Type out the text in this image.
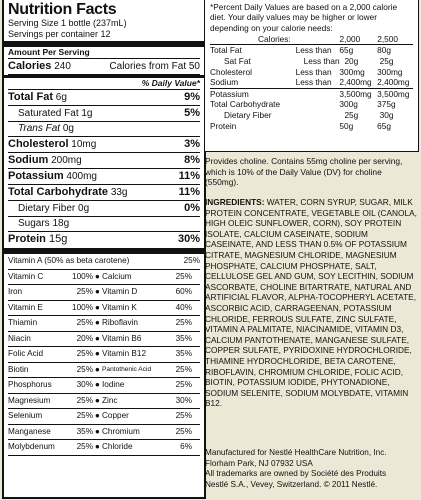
Nutrition Facts
Serving Size 1 bottle (237mL)
Servings per container 12
Amount Per Serving
Calories 240	Calories from Fat 50
% Daily Value*
Total Fat 6g	9%
Saturated Fat 1g	5%
Trans Fat 0g
Cholesterol 10mg	3%
Sodium 200mg	8%
Potassium 400mg	11%
Total Carbohydrate 33g	11%
Dietary Fiber 0g	0%
Sugars 18g
Protein 15g	30%
Vitamin A (50% as beta carotene)	25%
Vitamin C	100% ● Calcium	25%
Iron	25% ● Vitamin D	60%
Vitamin E	100% ● Vitamin K	40%
Thiamin	25% ● Riboflavin	25%
Niacin	20% ● Vitamin B6	35%
Folic Acid	25% ● Vitamin B12	35%
Biotin	25% ● Pantothenic Acid	25%
Phosphorus	30% ● Iodine	25%
Magnesium	25% ● Zinc	30%
Selenium	25% ● Copper	25%
Manganese	35% ● Chromium	25%
Molybdenum	25% ● Chloride	6%
*Percent Daily Values are based on a 2,000 calorie diet. Your daily values may be higher or lower depending on your calorie needs:
Calories:	2,000	2,500
Total Fat	Less than 65g	80g
Sat Fat	Less than 20g	25g
Cholesterol	Less than 300mg	300mg
Sodium	Less than 2,400mg 2,400mg
Potassium	3,500mg 3,500mg
Total Carbohydrate	300g	375g
Dietary Fiber	25g	30g
Protein	50g	65g
Provides choline. Contains 55mg choline per serving, which is 10% of the Daily Value (DV) for choline (550mg).
INGREDIENTS: WATER, CORN SYRUP, SUGAR, MILK PROTEIN CONCENTRATE, VEGETABLE OIL (CANOLA, HIGH OLEIC SUNFLOWER, CORN), SOY PROTEIN ISOLATE, CALCIUM CASEINATE, SODIUM CASEINATE, AND LESS THAN 0.5% OF POTASSIUM CITRATE, MAGNESIUM CHLORIDE, MAGNESIUM PHOSPHATE, CALCIUM PHOSPHATE, SALT, CELLULOSE GEL AND GUM, SOY LECITHIN, SODIUM ASCORBATE, CHOLINE BITARTRATE, NATURAL AND ARTIFICIAL FLAVOR, ALPHA-TOCOPHERYL ACETATE, ASCORBIC ACID, CARRAGEENAN, POTASSIUM CHLORIDE, FERROUS SULFATE, ZINC SULFATE, VITAMIN A PALMITATE, NIACINAMIDE, VITAMIN D3, CALCIUM PANTOTHENATE, MANGANESE SULFATE, COPPER SULFATE, PYRIDOXINE HYDROCHLORIDE, THIAMINE HYDROCHLORIDE, BETA CAROTENE, RIBOFLAVIN, CHROMIUM CHLORIDE, FOLIC ACID, BIOTIN, POTASSIUM IODIDE, PHYTONADIONE, SODIUM SELENITE, SODIUM MOLYBDATE, VITAMIN B12.
Manufactured for Nestlé HealthCare Nutrition, Inc.
Florham Park, NJ 07932 USA
All trademarks are owned by Société des Produits
Nestlé S.A., Vevey, Switzerland. © 2011 Nestlé.
